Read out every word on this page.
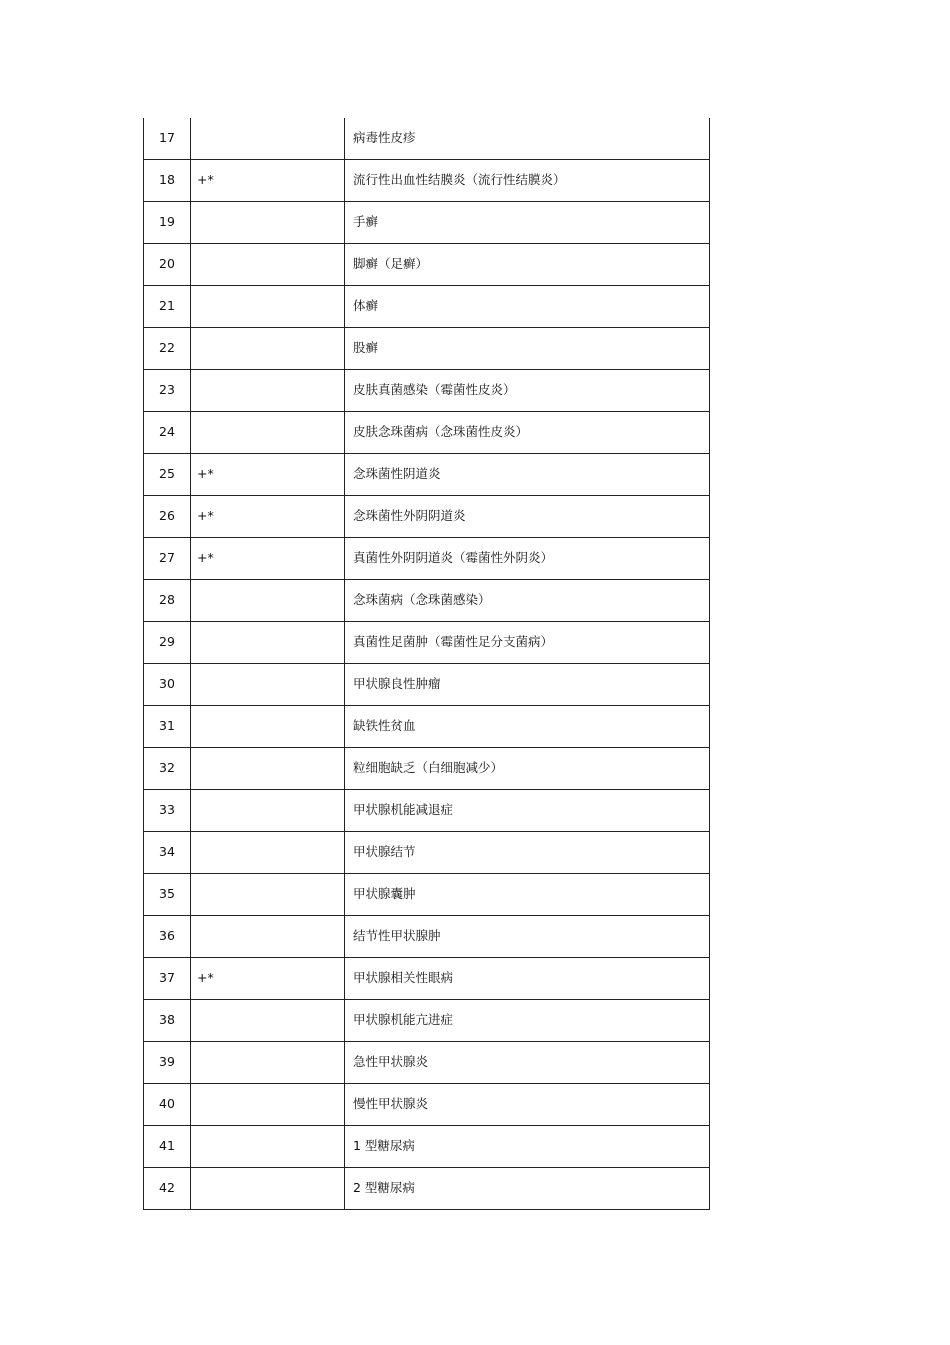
17		病毒性皮疹
18	+*	流行性出血性结膜炎（流行性结膜炎）
19		手癣
20		脚癣（足癣）
21		体癣
22		股癣
23		皮肤真菌感染（霉菌性皮炎）
24		皮肤念珠菌病（念珠菌性皮炎）
25	+*	念珠菌性阴道炎
26	+*	念珠菌性外阴阴道炎
27	+*	真菌性外阴阴道炎（霉菌性外阴炎）
28		念珠菌病（念珠菌感染）
29		真菌性足菌肿（霉菌性足分支菌病）
30		甲状腺良性肿瘤
31		缺铁性贫血
32		粒细胞缺乏（白细胞减少）
33		甲状腺机能减退症
34		甲状腺结节
35		甲状腺囊肿
36		结节性甲状腺肿
37	+*	甲状腺相关性眼病
38		甲状腺机能亢进症
39		急性甲状腺炎
40		慢性甲状腺炎
41		1 型糖尿病
42		2 型糖尿病
